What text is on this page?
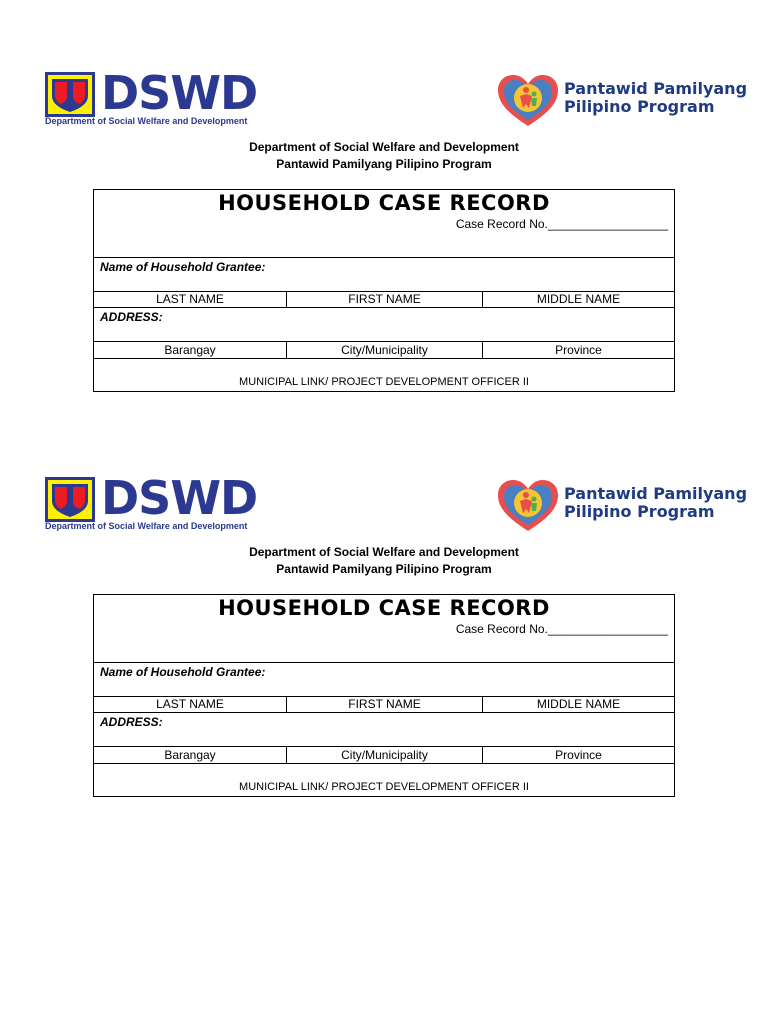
DSWD
Department of Social Welfare and Development
Pantawid Pamilyang
Pilipino Program
Department of Social Welfare and Development
Pantawid Pamilyang Pilipino Program
HOUSEHOLD CASE RECORD
Case Record No.__________________
Name of Household Grantee:
LAST NAME	FIRST NAME	MIDDLE NAME
ADDRESS:
Barangay	City/Municipality	Province
MUNICIPAL LINK/ PROJECT DEVELOPMENT OFFICER II
DSWD
Department of Social Welfare and Development
Pantawid Pamilyang
Pilipino Program
Department of Social Welfare and Development
Pantawid Pamilyang Pilipino Program
HOUSEHOLD CASE RECORD
Case Record No.__________________
Name of Household Grantee:
LAST NAME	FIRST NAME	MIDDLE NAME
ADDRESS:
Barangay	City/Municipality	Province
MUNICIPAL LINK/ PROJECT DEVELOPMENT OFFICER II
